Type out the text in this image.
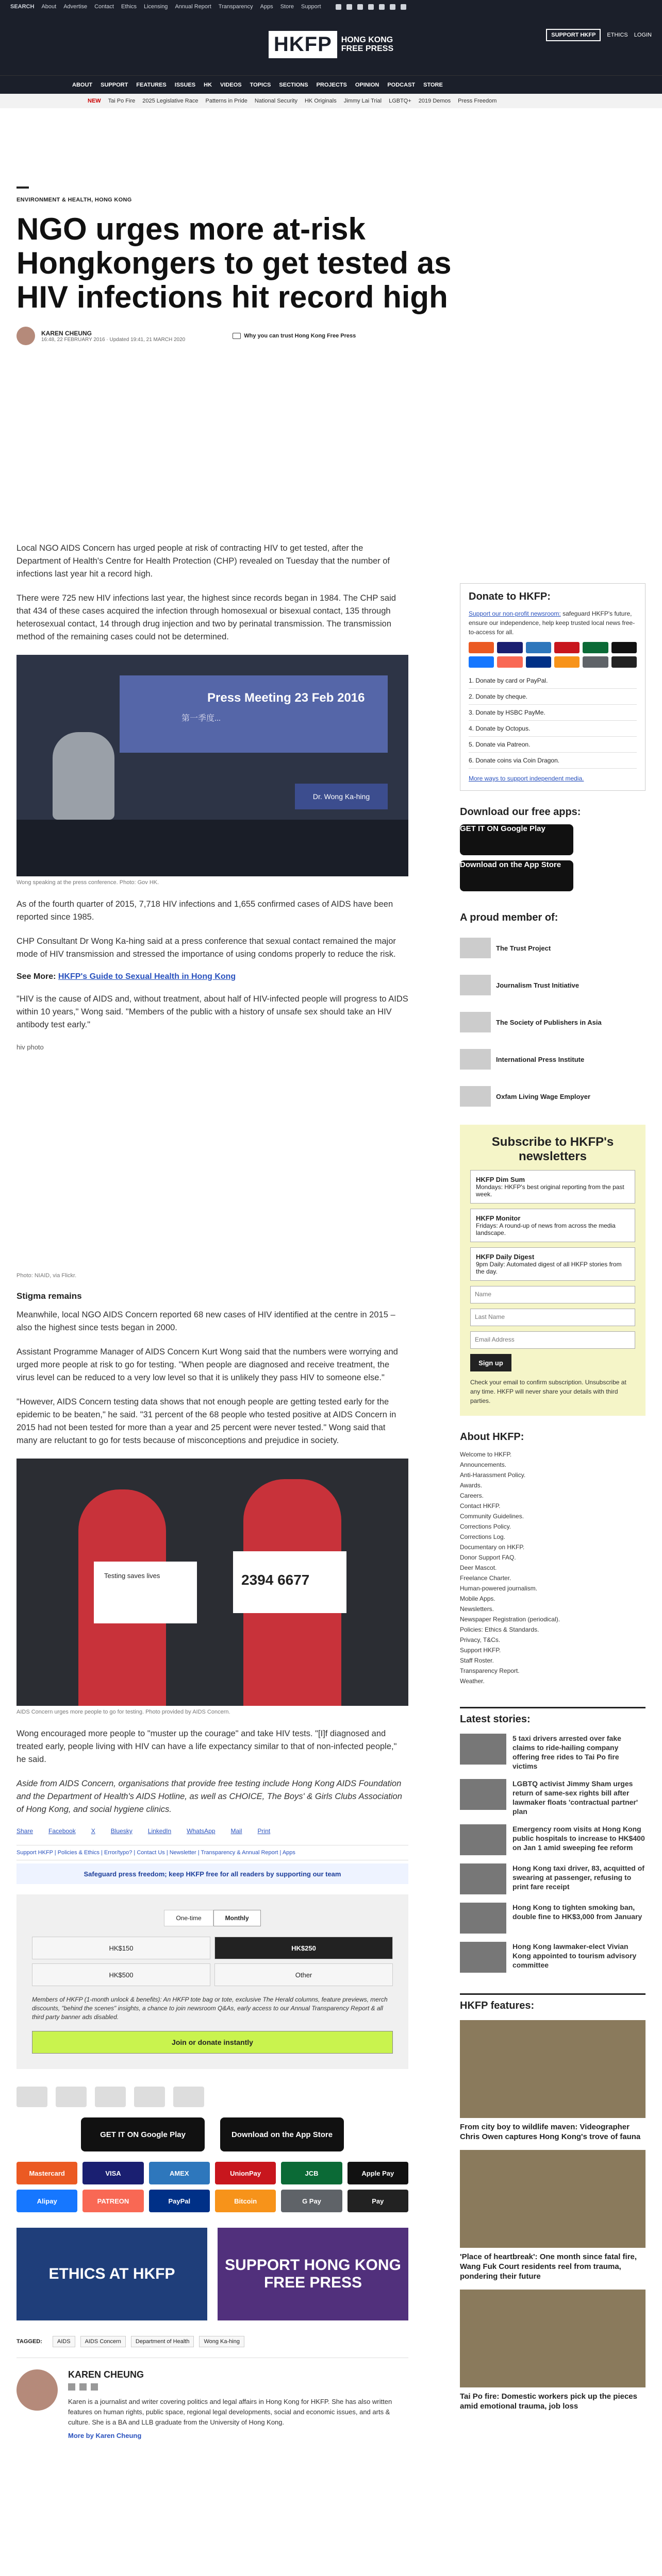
SEARCH About Advertise Contact Ethics Licensing Annual Report Transparency Apps Store Support
HKFP	HONG KONG
FREE PRESS
SUPPORT HKFP	ETHICS LOGIN
ABOUT SUPPORT FEATURES ISSUES HK VIDEOS TOPICS SECTIONS PROJECTS OPINION PODCAST STORE
NEW Tai Po Fire 2025 Legislative Race Patterns in Pride National Security HK Originals Jimmy Lai Trial LGBTQ+ 2019 Demos Press Freedom
ENVIRONMENT & HEALTH, HONG KONG
NGO urges more at-risk Hongkongers to get tested as HIV infections hit record high
KAREN CHEUNG
16:48, 22 FEBRUARY 2016 · Updated 19:41, 21 MARCH 2020
Why you can trust Hong Kong Free Press

Local NGO AIDS Concern has urged people at risk of contracting HIV to get tested, after the Department of Health's Centre for Health Protection (CHP) revealed on Tuesday that the number of infections last year hit a record high.

There were 725 new HIV infections last year, the highest since records began in 1984. The CHP said that 434 of these cases acquired the infection through homosexual or bisexual contact, 135 through heterosexual contact, 14 through drug injection and two by perinatal transmission. The transmission method of the remaining cases could not be determined.

Press Meeting 23 Feb 2016
第一季度...
Dr. Wong Ka-hing
Wong speaking at the press conference. Photo: Gov HK.

As of the fourth quarter of 2015, 7,718 HIV infections and 1,655 confirmed cases of AIDS have been reported since 1985.

CHP Consultant Dr Wong Ka-hing said at a press conference that sexual contact remained the major mode of HIV transmission and stressed the importance of using condoms properly to reduce the risk.

See More: HKFP's Guide to Sexual Health in Hong Kong

"HIV is the cause of AIDS and, without treatment, about half of HIV-infected people will progress to AIDS within 10 years," Wong said. "Members of the public with a history of unsafe sex should take an HIV antibody test early."

hiv photo
Photo: NIAID, via Flickr.
Stigma remains

Meanwhile, local NGO AIDS Concern reported 68 new cases of HIV identified at the centre in 2015 – also the highest since tests began in 2000.

Assistant Programme Manager of AIDS Concern Kurt Wong said that the numbers were worrying and urged more people at risk to go for testing. "When people are diagnosed and receive treatment, the virus level can be reduced to a very low level so that it is unlikely they pass HIV to someone else."

"However, AIDS Concern testing data shows that not enough people are getting tested early for the epidemic to be beaten," he said. "31 percent of the 68 people who tested positive at AIDS Concern in 2015 had not been tested for more than a year and 25 percent were never tested." Wong said that many are reluctant to go for tests because of misconceptions and prejudice in society.

Testing saves lives	2394 6677
AIDS Concern urges more people to go for testing. Photo provided by AIDS Concern.

Wong encouraged more people to "muster up the courage" and take HIV tests. "[I]f diagnosed and treated early, people living with HIV can have a life expectancy similar to that of non-infected people," he said.

Aside from AIDS Concern, organisations that provide free testing include Hong Kong AIDS Foundation and the Department of Health's AIDS Hotline, as well as CHOICE, The Boys' & Girls Clubs Association of Hong Kong, and social hygiene clinics.

Share	Facebook	X	Bluesky	LinkedIn	WhatsApp	Mail	Print
Support HKFP | Policies & Ethics | Error/typo? | Contact Us | Newsletter | Transparency & Annual Report | Apps
Safeguard press freedom; keep HKFP free for all readers by supporting our team
One-time	Monthly
HK$150	HK$250
HK$500	Other
Members of HKFP (1-month unlock & benefits): An HKFP tote bag or tote, exclusive The Herald columns, feature previews, merch discounts, "behind the scenes" insights, a chance to join newsroom Q&As, early access to our Annual Transparency Report & all third party banner ads disabled.
Join or donate instantly
GET IT ON Google Play	Download on the App Store
Mastercard	VISA	AMEX	UnionPay	JCB	Apple Pay
Alipay	PATREON	PayPal	Bitcoin	G Pay	Pay
ETHICS AT HKFP
SUPPORT HONG KONG FREE PRESS
TAGGED:	AIDS	AIDS Concern	Department of Health	Wong Ka-hing
KAREN CHEUNG
Karen is a journalist and writer covering politics and legal affairs in Hong Kong for HKFP. She has also written features on human rights, public space, regional legal developments, social and economic issues, and arts & culture. She is a BA and LLB graduate from the University of Hong Kong.
More by Karen Cheung
Donate to HKFP:
Support our non-profit newsroom: safeguard HKFP's future, ensure our independence, help keep trusted local news free-to-access for all.
1. Donate by card or PayPal.
2. Donate by cheque.
3. Donate by HSBC PayMe.
4. Donate by Octopus.
5. Donate via Patreon.
6. Donate coins via Coin Dragon.
More ways to support independent media.
Download our free apps:
GET IT ON Google Play
Download on the App Store
A proud member of:
The Trust Project
Journalism Trust Initiative
The Society of Publishers in Asia
International Press Institute
Oxfam Living Wage Employer
Subscribe to HKFP's newsletters
HKFP Dim Sum
Mondays: HKFP's best original reporting from the past week.
HKFP Monitor
Fridays: A round-up of news from across the media landscape.
HKFP Daily Digest
9pm Daily: Automated digest of all HKFP stories from the day.
Name
Last Name
Email Address
Sign up
Check your email to confirm subscription. Unsubscribe at any time. HKFP will never share your details with third parties.
About HKFP:
Welcome to HKFP.
Announcements.
Anti-Harassment Policy.
Awards.
Careers.
Contact HKFP.
Community Guidelines.
Corrections Policy.
Corrections Log.
Documentary on HKFP.
Donor Support FAQ.
Deer Mascot.
Freelance Charter.
Human-powered journalism.
Mobile Apps.
Newsletters.
Newspaper Registration (periodical).
Policies: Ethics & Standards.
Privacy, T&Cs.
Support HKFP.
Staff Roster.
Transparency Report.
Weather.
Latest stories:
5 taxi drivers arrested over fake claims to ride-hailing company offering free rides to Tai Po fire victims
LGBTQ activist Jimmy Sham urges return of same-sex rights bill after lawmaker floats 'contractual partner' plan
Emergency room visits at Hong Kong public hospitals to increase to HK$400 on Jan 1 amid sweeping fee reform
Hong Kong taxi driver, 83, acquitted of swearing at passenger, refusing to print fare receipt
Hong Kong to tighten smoking ban, double fine to HK$3,000 from January
Hong Kong lawmaker-elect Vivian Kong appointed to tourism advisory committee
HKFP features:
From city boy to wildlife maven: Videographer Chris Owen captures Hong Kong's trove of fauna
'Place of heartbreak': One month since fatal fire, Wang Fuk Court residents reel from trauma, pondering their future
Tai Po fire: Domestic workers pick up the pieces amid emotional trauma, job loss
